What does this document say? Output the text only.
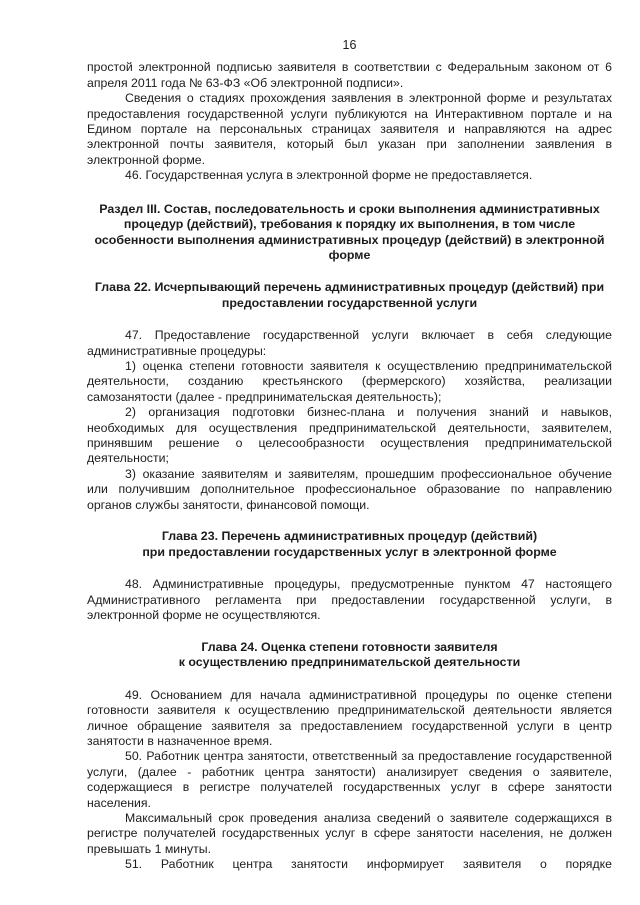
16

простой электронной подписью заявителя в соответствии с Федеральным законом от 6 апреля 2011 года № 63-ФЗ «Об электронной подписи».

Сведения о стадиях прохождения заявления в электронной форме и результатах предоставления государственной услуги публикуются на Интерактивном портале и на Едином портале на персональных страницах заявителя и направляются на адрес электронной почты заявителя, который был указан при заполнении заявления в электронной форме.

46. Государственная услуга в электронной форме не предоставляется.

Раздел III. Состав, последовательность и сроки выполнения административных процедур (действий), требования к порядку их выполнения, в том числе особенности выполнения административных процедур (действий) в электронной форме
Глава 22. Исчерпывающий перечень административных процедур (действий) при предоставлении государственной услуги

47. Предоставление государственной услуги включает в себя следующие административные процедуры:

1) оценка степени готовности заявителя к осуществлению предпринимательской деятельности, созданию крестьянского (фермерского) хозяйства, реализации самозанятости (далее - предпринимательская деятельность);

2) организация подготовки бизнес-плана и получения знаний и навыков, необходимых для осуществления предпринимательской деятельности, заявителем, принявшим решение о целесообразности осуществления предпринимательской деятельности;

3) оказание заявителям и заявителям, прошедшим профессиональное обучение или получившим дополнительное профессиональное образование по направлению органов службы занятости, финансовой помощи.

Глава 23. Перечень административных процедур (действий)
при предоставлении государственных услуг в электронной форме

48. Административные процедуры, предусмотренные пунктом 47 настоящего Административного регламента при предоставлении государственной услуги, в электронной форме не осуществляются.

Глава 24. Оценка степени готовности заявителя
к осуществлению предпринимательской деятельности

49. Основанием для начала административной процедуры по оценке степени готовности заявителя к осуществлению предпринимательской деятельности является личное обращение заявителя за предоставлением государственной услуги в центр занятости в назначенное время.

50. Работник центра занятости, ответственный за предоставление государственной услуги, (далее - работник центра занятости) анализирует сведения о заявителе, содержащиеся в регистре получателей государственных услуг в сфере занятости населения.

Максимальный срок проведения анализа сведений о заявителе содержащихся в регистре получателей государственных услуг в сфере занятости населения, не должен превышать 1 минуты.

51. Работник центра занятости информирует заявителя о порядке
